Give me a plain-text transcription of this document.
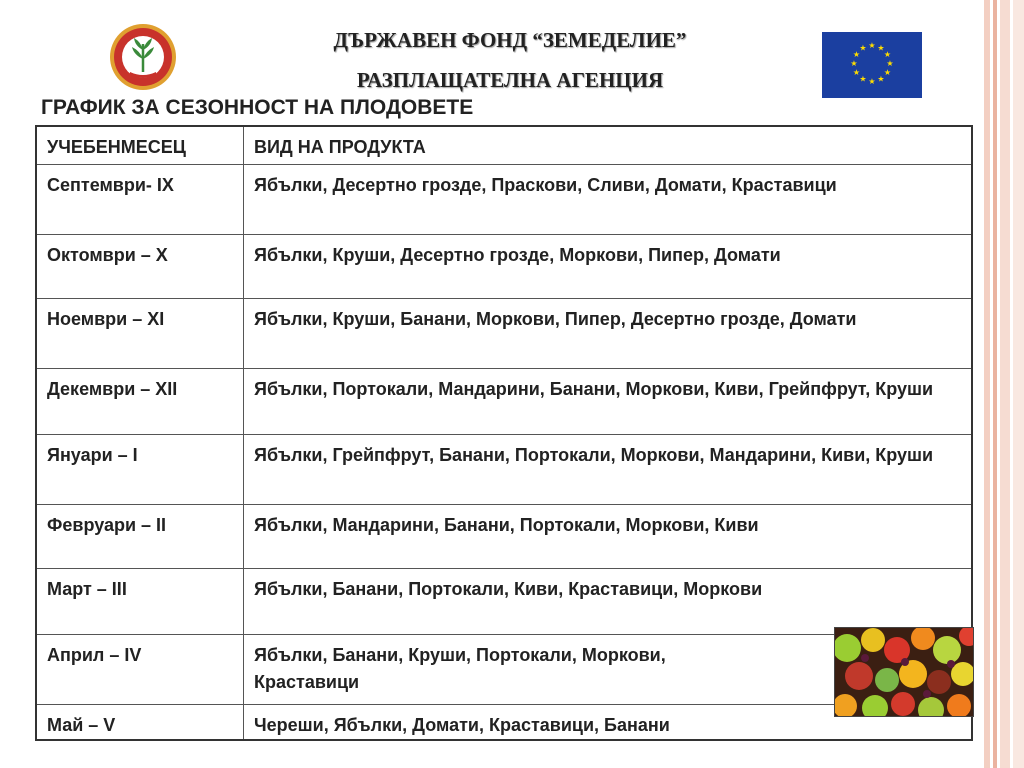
ДЪРЖАВЕН ФОНД “ЗЕМЕДЕЛИЕ”
РАЗПЛАЩАТЕЛНА АГЕНЦИЯ
★ ★
★
★
★
★
★
★
★
★
★
★
ГРАФИК ЗА СЕЗОННОСТ НА ПЛОДОВЕТЕ
УЧЕБЕНМЕСЕЦ	ВИД НА ПРОДУКТА
Септември- IX	Ябълки, Десертно грозде, Праскови, Сливи, Домати, Краставици
Октомври – Х	Ябълки, Круши, Десертно грозде, Моркови, Пипер, Домати
Ноември – ХІ	Ябълки, Круши, Банани, Моркови, Пипер, Десертно грозде, Домати
Декември – ХІІ	Ябълки, Портокали, Мандарини, Банани, Моркови, Киви, Грейпфрут, Круши
Януари – І	Ябълки, Грейпфрут, Банани, Портокали, Моркови, Мандарини, Киви, Круши
Февруари – ІІ	Ябълки, Мандарини, Банани, Портокали, Моркови, Киви
Март – ІІІ	Ябълки, Банани, Портокали, Киви, Краставици, Моркови
Април – ІV	Ябълки, Банани, Круши, Портокали, Моркови, Краставици
Май – V	Череши, Ябълки, Домати, Краставици, Банани
